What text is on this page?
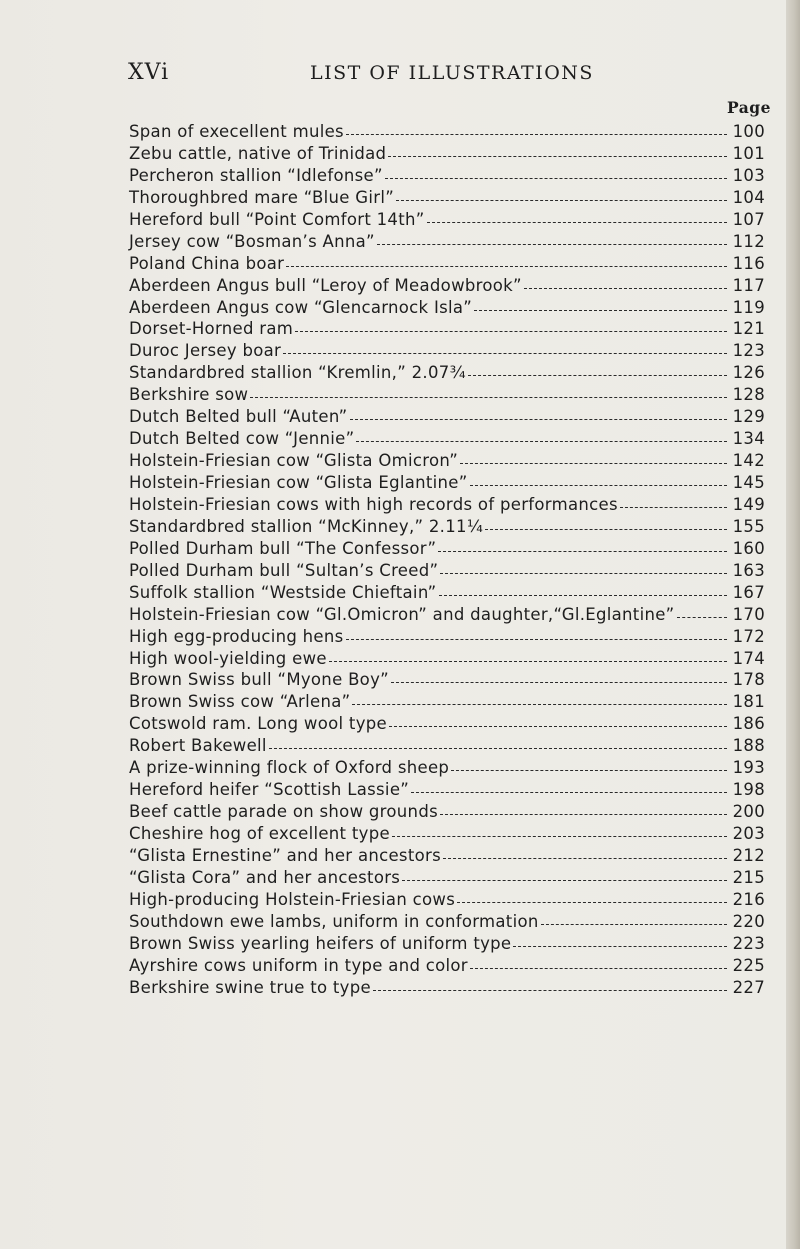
XVi	LIST OF ILLUSTRATIONS
Page
Span of execellent mules	100
Zebu cattle, native of Trinidad	101
Percheron stallion “Idlefonse”	103
Thoroughbred mare “Blue Girl”	104
Hereford bull “Point Comfort 14th”	107
Jersey cow “Bosman’s Anna”	112
Poland China boar	116
Aberdeen Angus bull “Leroy of Meadowbrook”	117
Aberdeen Angus cow “Glencarnock Isla”	119
Dorset-Horned ram	121
Duroc Jersey boar	123
Standardbred stallion “Kremlin,” 2.07¾	126
Berkshire sow	128
Dutch Belted bull “Auten”	129
Dutch Belted cow “Jennie”	134
Holstein-Friesian cow “Glista Omicron”	142
Holstein-Friesian cow “Glista Eglantine”	145
Holstein-Friesian cows with high records of performances	149
Standardbred stallion “McKinney,” 2.11¼	155
Polled Durham bull “The Confessor”	160
Polled Durham bull “Sultan’s Creed”	163
Suffolk stallion “Westside Chieftain”	167
Holstein-Friesian cow “Gl.Omicron” and daughter,“Gl.Eglantine”	170
High egg-producing hens	172
High wool-yielding ewe	174
Brown Swiss bull “Myone Boy”	178
Brown Swiss cow “Arlena”	181
Cotswold ram. Long wool type	186
Robert Bakewell	188
A prize-winning flock of Oxford sheep	193
Hereford heifer “Scottish Lassie”	198
Beef cattle parade on show grounds	200
Cheshire hog of excellent type	203
“Glista Ernestine” and her ancestors	212
“Glista Cora” and her ancestors	215
High-producing Holstein-Friesian cows	216
Southdown ewe lambs, uniform in conformation	220
Brown Swiss yearling heifers of uniform type	223
Ayrshire cows uniform in type and color	225
Berkshire swine true to type	227
